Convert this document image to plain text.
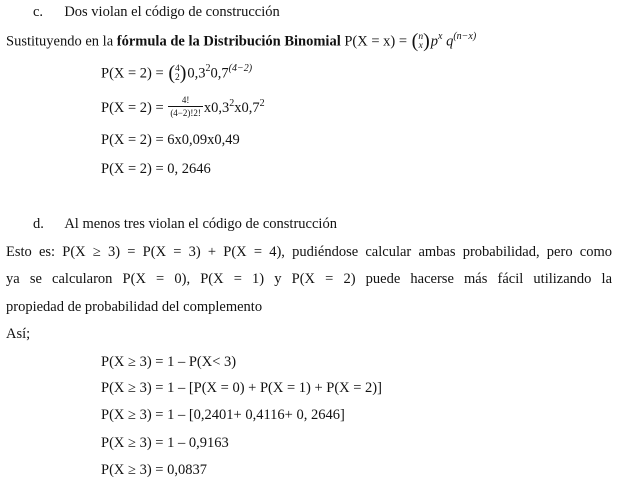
c. Dos violan el código de construcción
Sustituyendo en la fórmula de la Distribución Binomial P(X = x) = ( n
x ) $p^x$ $q^{(n-x)}$
P(X = 2) = ( 4
2 ) $0,3^20,7^{(4-2)}$
$P(X = 2) = \frac{4!}{(4-2)!2!} x0,3^2x0,7^2$
P(X = 2) = 6x0,09x0,49
P(X = 2) = 0, 2646
d. Al menos tres violan el código de construcción
Esto es: P(X ≥ 3) = P(X = 3) + P(X = 4), pudiéndose calcular ambas probabilidad, pero como
ya se calcularon P(X = 0), P(X = 1) y P(X = 2) puede hacerse más fácil utilizando la
propiedad de probabilidad del complemento
Así;
P(X ≥ 3) = 1 – P(X< 3)
P(X ≥ 3) = 1 – [P(X = 0) + P(X = 1) + P(X = 2)]
P(X ≥ 3) = 1 – [0,2401+ 0,4116+ 0, 2646]
P(X ≥ 3) = 1 – 0,9163
P(X ≥ 3) = 0,0837
